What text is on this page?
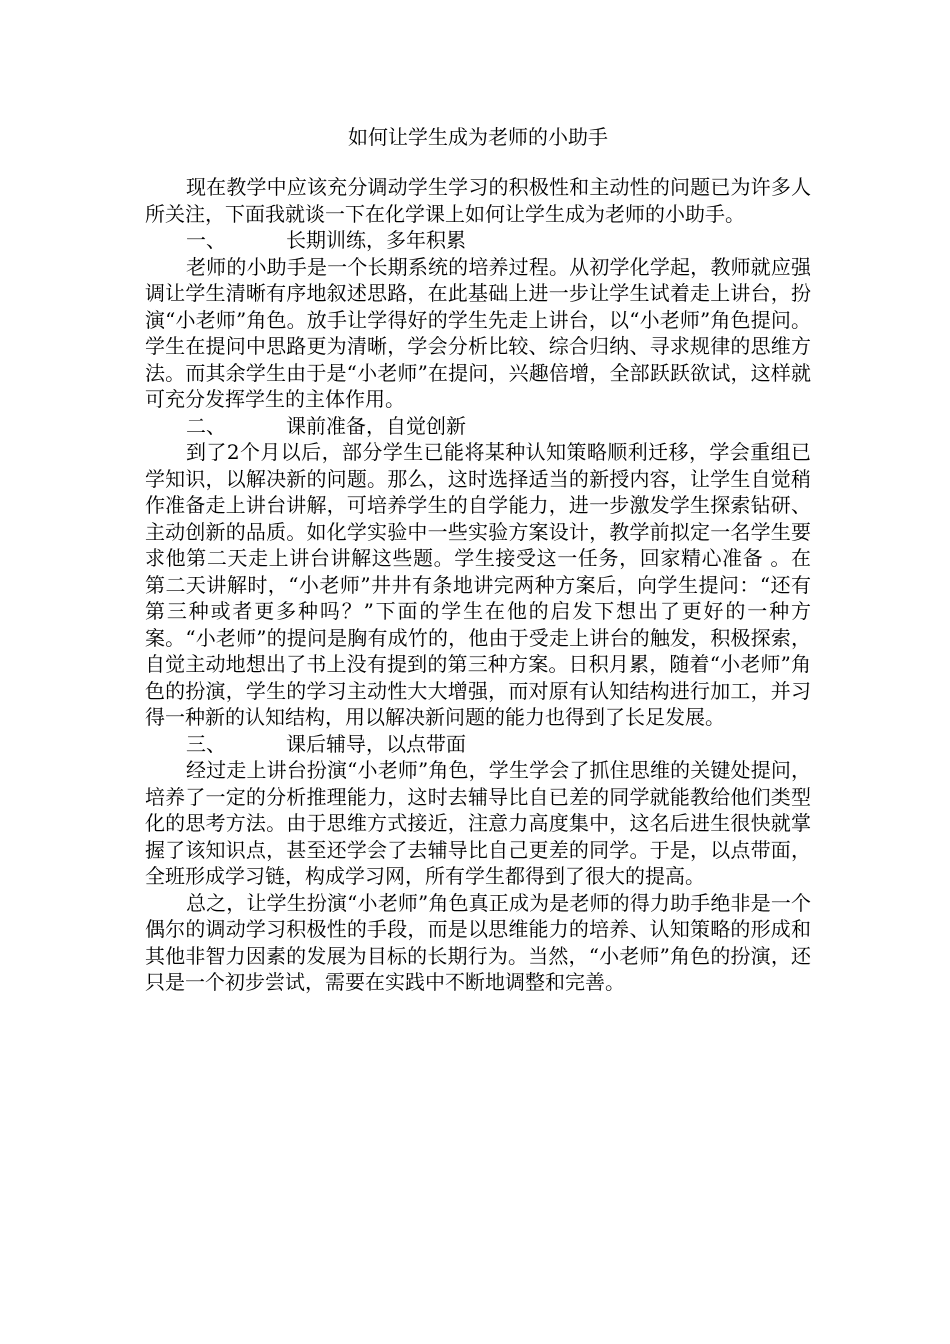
如何让学生成为老师的小助手

现在教学中应该充分调动学生学习的积极性和主动性的问题已为许多人所关注，下面我就谈一下在化学课上如何让学生成为老师的小助手。

一、	长期训练，多年积累

老师的小助手是一个长期系统的培养过程。从初学化学起，教师就应强调让学生清晰有序地叙述思路，在此基础上进一步让学生试着走上讲台，扮演“小老师”角色。放手让学得好的学生先走上讲台，以“小老师”角色提问。学生在提问中思路更为清晰，学会分析比较、综合归纳、寻求规律的思维方法。而其余学生由于是“小老师”在提问，兴趣倍增，全部跃跃欲试，这样就可充分发挥学生的主体作用。

二、	课前准备，自觉创新

到了2个月以后，部分学生已能将某种认知策略顺利迁移，学会重组已学知识，以解决新的问题。那么，这时选择适当的新授内容，让学生自觉稍作准备走上讲台讲解，可培养学生的自学能力，进一步激发学生探索钻研、主动创新的品质。如化学实验中一些实验方案设计，教学前拟定一名学生要求他第二天走上讲台讲解这些题。学生接受这一任务，回家精心准备 。在第二天讲解时，“小老师”井井有条地讲完两种方案后，向学生提问：“还有第三种或者更多种吗？”下面的学生在他的启发下想出了更好的一种方案。“小老师”的提问是胸有成竹的，他由于受走上讲台的触发，积极探索，自觉主动地想出了书上没有提到的第三种方案。日积月累，随着“小老师”角色的扮演，学生的学习主动性大大增强，而对原有认知结构进行加工，并习得一种新的认知结构，用以解决新问题的能力也得到了长足发展。

三、	课后辅导，以点带面

经过走上讲台扮演“小老师”角色，学生学会了抓住思维的关键处提问，培养了一定的分析推理能力，这时去辅导比自已差的同学就能教给他们类型化的思考方法。由于思维方式接近，注意力高度集中，这名后进生很快就掌握了该知识点，甚至还学会了去辅导比自己更差的同学。于是，以点带面，全班形成学习链，构成学习网，所有学生都得到了很大的提高。

总之，让学生扮演“小老师”角色真正成为是老师的得力助手绝非是一个偶尔的调动学习积极性的手段，而是以思维能力的培养、认知策略的形成和其他非智力因素的发展为目标的长期行为。当然，“小老师”角色的扮演，还只是一个初步尝试，需要在实践中不断地调整和完善。
